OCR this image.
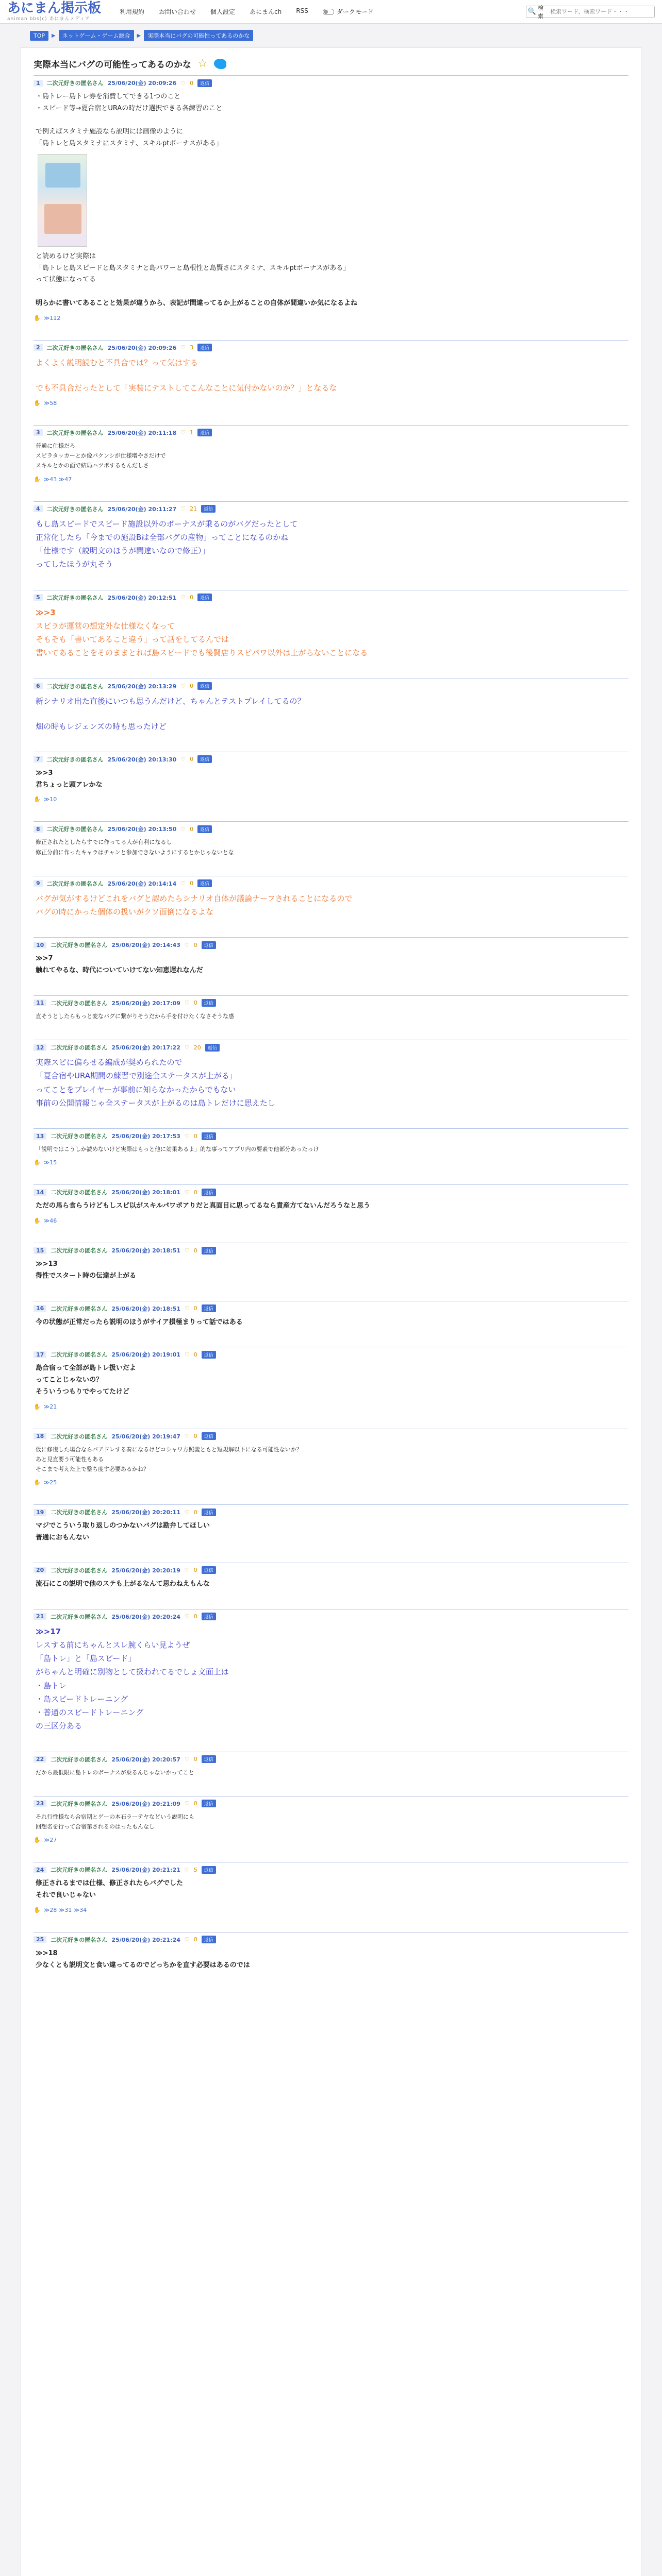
あにまん掲示板
animan bbs(c) あにまんメディア
利用規約 お問い合わせ 個人設定 あにまんch RSS	ダークモード	🔍 検索
検索ワード、検索ワード・・・
TOP	▶	ネットゲーム・ゲーム総合	▶	実際本当にバグの可能性ってあるのかな
実際本当にバグの可能性ってあるのかな ☆
1	二次元好きの匿名さん 25/06/20(金) 20:09:26 ♡ 0	返信
・島トレー島トレ券を消費してできる1つのこと
・スピード等→夏合宿とURAの時だけ選択できる各練習のこと
で例えばスタミナ施設なら説明には画像のように
「島トレと島スタミナにスタミナ、スキルptボーナスがある」
と読めるけど実際は
「島トレと島スピードと島スタミナと島パワーと島根性と島賢さにスタミナ、スキルptボーナスがある」
って状態になってる
明らかに書いてあることと効果が違うから、表記が間違ってるか上がることの自体が間違いか気になるよね
✋ ≫112
2	二次元好きの匿名さん 25/06/20(金) 20:09:26 ♡ 3	返信
よくよく説明読むと不具合では？って気はする
でも不具合だったとして「実装にテストしてこんなことに気付かないのか？」となるな
✋ ≫58
3	二次元好きの匿名さん 25/06/20(金) 20:11:18 ♡ 1	返信
普通に仕様だろ
スピラタッカーとか像パクンシが仕様増やさだけで
スキルとかの面で結局ハツポするもんだしさ
✋ ≫43 ≫47
4	二次元好きの匿名さん 25/06/20(金) 20:11:27 ♡ 21	返信
もし島スピードでスピード施設以外のボーナスが乗るのがバグだったとして
正常化したら「今までの施設Bは全部バグの産物」ってことになるのかね
「仕様です（説明文のほうが間違いなので修正）」
ってしたほうが丸そう
5	二次元好きの匿名さん 25/06/20(金) 20:12:51 ♡ 0	返信
≫>3
スピラが運営の想定外な仕様なくなって
そもそも「書いてあること違う」って話をしてるんでは
書いてあることをそのままとれば島スピードでも後賢店りスピパワ以外は上がらないことになる
6	二次元好きの匿名さん 25/06/20(金) 20:13:29 ♡ 0	返信
新シナリオ出た直後にいつも思うんだけど、ちゃんとテストプレイしてるの？
畑の時もレジェンズの時も思ったけど
7	二次元好きの匿名さん 25/06/20(金) 20:13:30 ♡ 0	返信
≫>3
君ちょっと頭アレかな
✋ ≫10
8	二次元好きの匿名さん 25/06/20(金) 20:13:50 ♡ 0	返信
修正されたとしたらすでに作ってる人が有利になるし
修正分前に作ったキャラはチャンと参加できないようにするとかじゃないとな
9	二次元好きの匿名さん 25/06/20(金) 20:14:14 ♡ 0	返信
バグが気がするけどこれをバグと認めたらシナリオ自体が議論ナーフされることになるので
バグの時にかった個体の扱いがクソ面倒になるよな
10	二次元好きの匿名さん 25/06/20(金) 20:14:43 ♡ 0	返信
≫>7
触れてやるな、時代についていけてない知恵遅れなんだ
11	二次元好きの匿名さん 25/06/20(金) 20:17:09 ♡ 0	返信
直そうとしたらもっと変なバグに繋がりそうだから手を付けたくなさそうな感
12	二次元好きの匿名さん 25/06/20(金) 20:17:22 ♡ 20	返信
実際スピに偏らせる編成が奨められたので
「夏合宿やURA期間の練習で別途全ステータスが上がる」
ってことをプレイヤーが事前に知らなかったからでもない
事前の公開情報じゃ全ステータスが上がるのは島トレだけに思えたし
13	二次元好きの匿名さん 25/06/20(金) 20:17:53 ♡ 0	返信
「説明ではこうしか読めないけど実際はもっと他に効果あるよ」的な事ってアプリ内の要素で他部分あったっけ
✋ ≫15
14	二次元好きの匿名さん 25/06/20(金) 20:18:01 ♡ 0	返信
ただの馬ら食らうけどもしスピ以がスキルパワポアりだと真面目に思ってるなら責産方てないんだろうなと思う
✋ ≫46
15	二次元好きの匿名さん 25/06/20(金) 20:18:51 ♡ 0	返信
≫>13
得性でスタート時の伝達が上がる
16	二次元好きの匿名さん 25/06/20(金) 20:18:51 ♡ 0	返信
今の状態が正常だったら説明のほうがサイア損極まりって話ではある
17	二次元好きの匿名さん 25/06/20(金) 20:19:01 ♡ 0	返信
島合宿って全部が島トレ扱いだよ
ってことじゃないの？
そういうつもりでやってたけど
✋ ≫21
18	二次元好きの匿名さん 25/06/20(金) 20:19:47 ♡ 0	返信
仮に修復した場合ならバアドレする奏になるけどコシャワ方照義ともと短規解以下になる可能性ないか？
あと見直要う可能性もある
そこまで考えた上で整ち度す必要あるかね？
✋ ≫25
19	二次元好きの匿名さん 25/06/20(金) 20:20:11 ♡ 0	返信
マジでこういう取り返しのつかないバグは勘弁してほしい
普通におもんない
20	二次元好きの匿名さん 25/06/20(金) 20:20:19 ♡ 0	返信
流石にこの説明で他のステも上がるなんて思わねえもんな
21	二次元好きの匿名さん 25/06/20(金) 20:20:24 ♡ 0	返信
≫>17
レスする前にちゃんとスレ腕くらい見ようぜ
「島トレ」と「島スピード」
がちゃんと明確に別物として扱われてるでしょ文面上は
・島トレ
・島スピードトレーニング
・普通のスピードトレーニング
の三区分ある
22	二次元好きの匿名さん 25/06/20(金) 20:20:57 ♡ 0	返信
だから最低限に島トレのボーナスが乗るんじゃないかってこと
23	二次元好きの匿名さん 25/06/20(金) 20:21:09 ♡ 0	返信
それ行性様なら合宿期とゲーの本石ラーテヤなどいう説明にも
回想名を行って合宿第されるのはったもんなし
✋ ≫27
24	二次元好きの匿名さん 25/06/20(金) 20:21:21 ♡ 5	返信
修正されるまでは仕様、修正されたらバグでした
それで良いじゃない
✋ ≫28 ≫31 ≫34
25	二次元好きの匿名さん 25/06/20(金) 20:21:24 ♡ 0	返信
≫>18
少なくとも説明文と食い違ってるのでどっちかを直す必要はあるのでは
